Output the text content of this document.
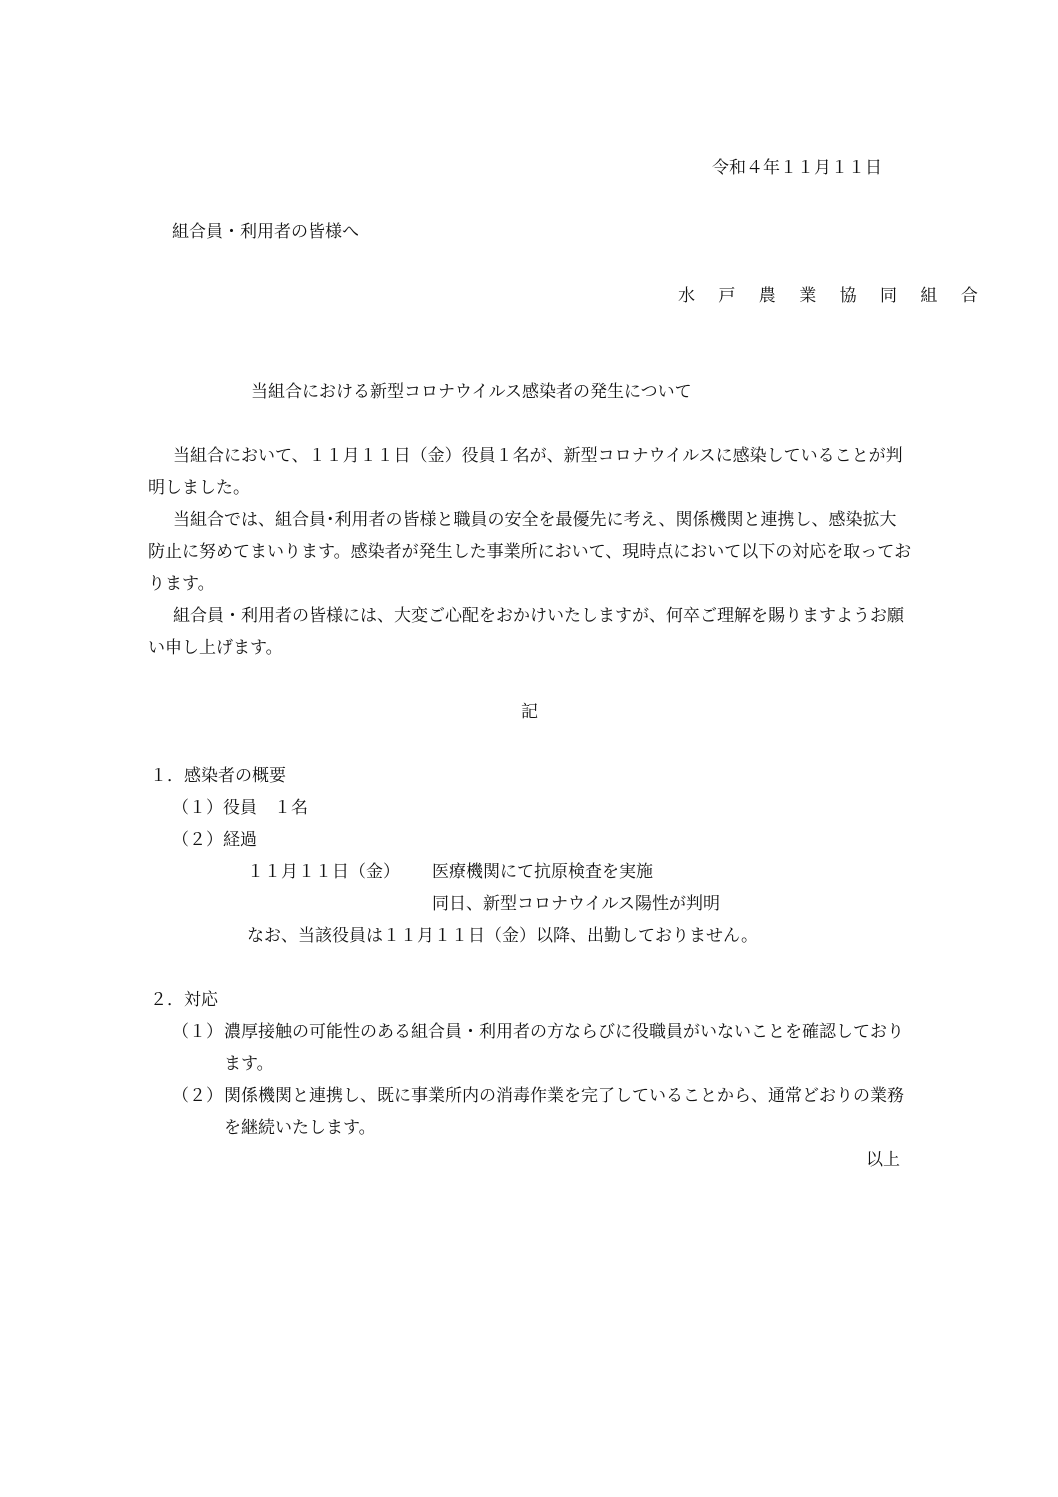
令和４年１１月１１日
組合員・利用者の皆様へ
水 戸 農 業 協 同 組 合
当組合における新型コロナウイルス感染者の発生について
当組合において、１１月１１日（金）役員１名が、新型コロナウイルスに感染していることが判明しました。
当組合では、組合員･利用者の皆様と職員の安全を最優先に考え、関係機関と連携し、感染拡大防止に努めてまいります。感染者が発生した事業所において、現時点において以下の対応を取っております。
組合員・利用者の皆様には、大変ご心配をおかけいたしますが、何卒ご理解を賜りますようお願い申し上げます。
記
１．感染者の概要
（１）役員　１名
（２）経過
１１月１１日（金） 医療機関にて抗原検査を実施
同日、新型コロナウイルス陽性が判明
なお、当該役員は１１月１１日（金）以降、出勤しておりません。
２．対応
（１） 濃厚接触の可能性のある組合員・利用者の方ならびに役職員がいないことを確認しております。
（２） 関係機関と連携し、既に事業所内の消毒作業を完了していることから、通常どおりの業務を継続いたします。
以上
